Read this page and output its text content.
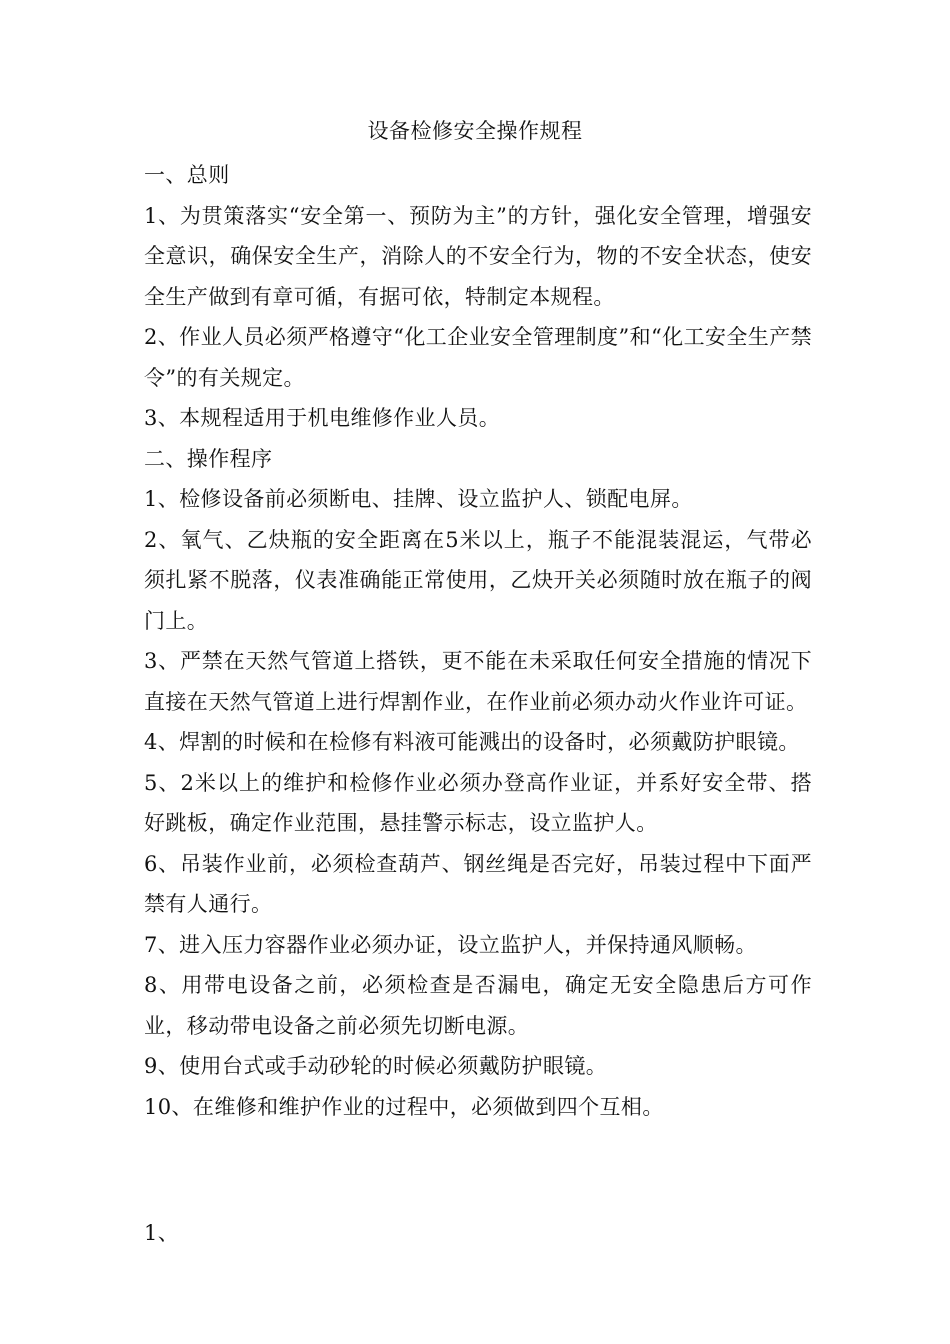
设备检修安全操作规程

一、总则

1、为贯策落实“安全第一、预防为主”的方针，强化安全管理，增强安全意识，确保安全生产，消除人的不安全行为，物的不安全状态，使安全生产做到有章可循，有据可依，特制定本规程。

2、作业人员必须严格遵守“化工企业安全管理制度”和“化工安全生产禁令”的有关规定。

3、本规程适用于机电维修作业人员。

二、操作程序

1、检修设备前必须断电、挂牌、设立监护人、锁配电屏。

2、氧气、乙炔瓶的安全距离在5米以上，瓶子不能混装混运，气带必须扎紧不脱落，仪表准确能正常使用，乙炔开关必须随时放在瓶子的阀门上。

3、严禁在天然气管道上搭铁，更不能在未采取任何安全措施的情况下直接在天然气管道上进行焊割作业，在作业前必须办动火作业许可证。

4、焊割的时候和在检修有料液可能溅出的设备时，必须戴防护眼镜。

5、2米以上的维护和检修作业必须办登高作业证，并系好安全带、搭好跳板，确定作业范围，悬挂警示标志，设立监护人。

6、吊装作业前，必须检查葫芦、钢丝绳是否完好，吊装过程中下面严禁有人通行。

7、进入压力容器作业必须办证，设立监护人，并保持通风顺畅。

8、用带电设备之前，必须检查是否漏电，确定无安全隐患后方可作业，移动带电设备之前必须先切断电源。

9、使用台式或手动砂轮的时候必须戴防护眼镜。

10、在维修和维护作业的过程中，必须做到四个互相。

1、
